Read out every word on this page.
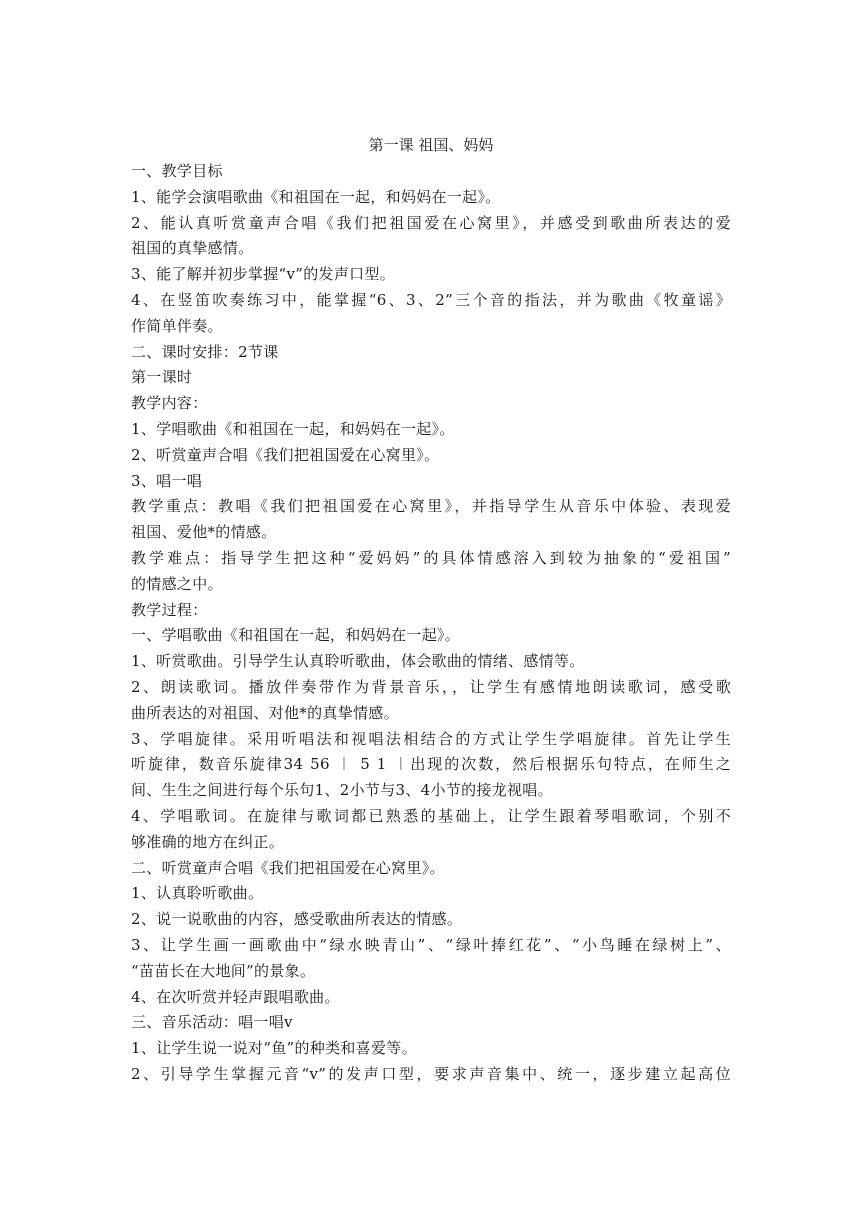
第一课 祖国、妈妈
一、教学目标
1、能学会演唱歌曲《和祖国在一起，和妈妈在一起》。
2、能认真听赏童声合唱《我们把祖国爱在心窝里》，并感受到歌曲所表达的爱
祖国的真挚感情。
3、能了解并初步掌握“v”的发声口型。
4、在竖笛吹奏练习中，能掌握“6、3、2”三个音的指法，并为歌曲《牧童谣》
作简单伴奏。
二、课时安排：2节课
第一课时
教学内容：
1、学唱歌曲《和祖国在一起，和妈妈在一起》。
2、听赏童声合唱《我们把祖国爱在心窝里》。
3、唱一唱
教学重点：教唱《我们把祖国爱在心窝里》，并指导学生从音乐中体验、表现爱
祖国、爱他*的情感。
教学难点：指导学生把这种“爱妈妈”的具体情感溶入到较为抽象的“爱祖国”
的情感之中。
教学过程：
一、学唱歌曲《和祖国在一起，和妈妈在一起》。
1、听赏歌曲。引导学生认真聆听歌曲，体会歌曲的情绪、感情等。
2、朗读歌词。播放伴奏带作为背景音乐，，让学生有感情地朗读歌词，感受歌
曲所表达的对祖国、对他*的真挚情感。
3、学唱旋律。采用听唱法和视唱法相结合的方式让学生学唱旋律。首先让学生
听旋律，数音乐旋律34 56 ︱ 5 1 ︱出现的次数，然后根据乐句特点，在师生之
间、生生之间进行每个乐句1、2小节与3、4小节的接龙视唱。
4、学唱歌词。在旋律与歌词都已熟悉的基础上，让学生跟着琴唱歌词，个别不
够准确的地方在纠正。
二、听赏童声合唱《我们把祖国爱在心窝里》。
1、认真聆听歌曲。
2、说一说歌曲的内容，感受歌曲所表达的情感。
3、让学生画一画歌曲中“绿水映青山”、“绿叶捧红花”、“小鸟睡在绿树上”、
“苗苗长在大地间”的景象。
4、在次听赏并轻声跟唱歌曲。
三、音乐活动：唱一唱v
1、让学生说一说对“鱼”的种类和喜爱等。
2、引导学生掌握元音“v”的发声口型，要求声音集中、统一，逐步建立起高位
